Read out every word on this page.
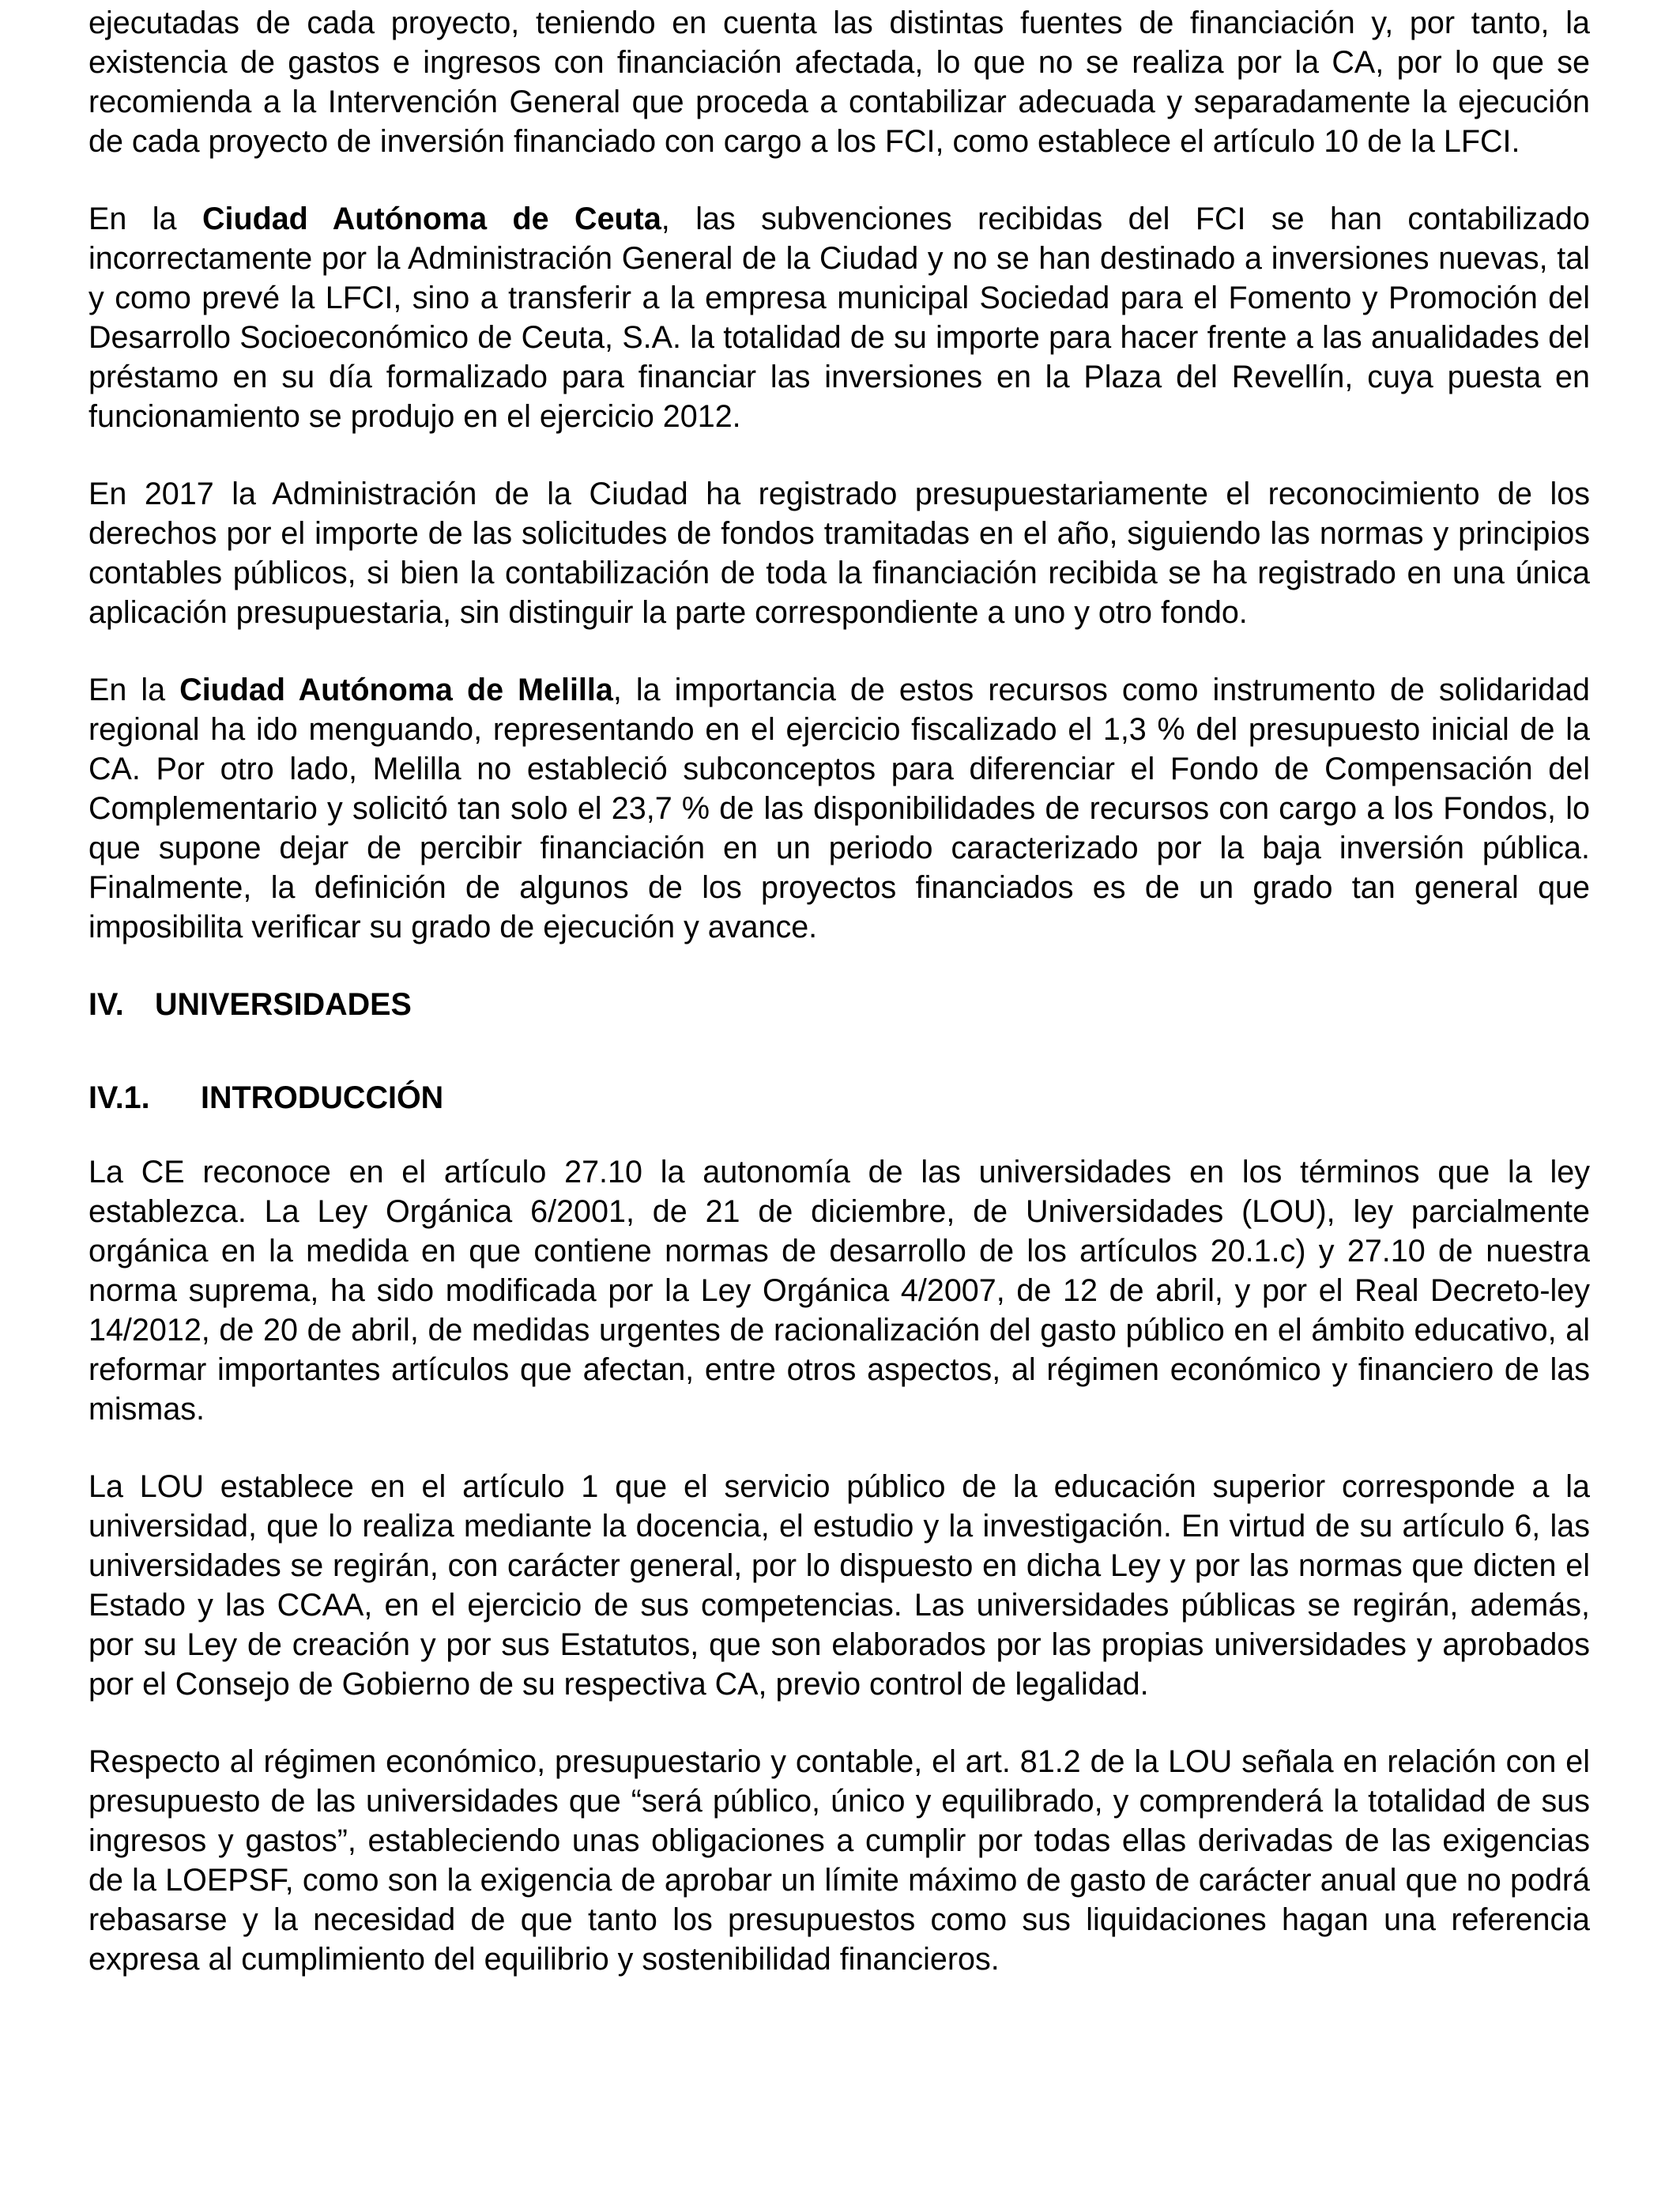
ejecutadas de cada proyecto, teniendo en cuenta las distintas fuentes de financiación y, por tanto, la existencia de gastos e ingresos con financiación afectada, lo que no se realiza por la CA, por lo que se recomienda a la Intervención General que proceda a contabilizar adecuada y separadamente la ejecución de cada proyecto de inversión financiado con cargo a los FCI, como establece el artículo 10 de la LFCI.

En la Ciudad Autónoma de Ceuta, las subvenciones recibidas del FCI se han contabilizado incorrectamente por la Administración General de la Ciudad y no se han destinado a inversiones nuevas, tal y como prevé la LFCI, sino a transferir a la empresa municipal Sociedad para el Fomento y Promoción del Desarrollo Socioeconómico de Ceuta, S.A. la totalidad de su importe para hacer frente a las anualidades del préstamo en su día formalizado para financiar las inversiones en la Plaza del Revellín, cuya puesta en funcionamiento se produjo en el ejercicio 2012.

En 2017 la Administración de la Ciudad ha registrado presupuestariamente el reconocimiento de los derechos por el importe de las solicitudes de fondos tramitadas en el año, siguiendo las normas y principios contables públicos, si bien la contabilización de toda la financiación recibida se ha registrado en una única aplicación presupuestaria, sin distinguir la parte correspondiente a uno y otro fondo.

En la Ciudad Autónoma de Melilla, la importancia de estos recursos como instrumento de solidaridad regional ha ido menguando, representando en el ejercicio fiscalizado el 1,3 % del presupuesto inicial de la CA. Por otro lado, Melilla no estableció subconceptos para diferenciar el Fondo de Compensación del Complementario y solicitó tan solo el 23,7 % de las disponibilidades de recursos con cargo a los Fondos, lo que supone dejar de percibir financiación en un periodo caracterizado por la baja inversión pública. Finalmente, la definición de algunos de los proyectos financiados es de un grado tan general que imposibilita verificar su grado de ejecución y avance.

IV. UNIVERSIDADES
IV.1. INTRODUCCIÓN

La CE reconoce en el artículo 27.10 la autonomía de las universidades en los términos que la ley establezca. La Ley Orgánica 6/2001, de 21 de diciembre, de Universidades (LOU), ley parcialmente orgánica en la medida en que contiene normas de desarrollo de los artículos 20.1.c) y 27.10 de nuestra norma suprema, ha sido modificada por la Ley Orgánica 4/2007, de 12 de abril, y por el Real Decreto-ley 14/2012, de 20 de abril, de medidas urgentes de racionalización del gasto público en el ámbito educativo, al reformar importantes artículos que afectan, entre otros aspectos, al régimen económico y financiero de las mismas.

La LOU establece en el artículo 1 que el servicio público de la educación superior corresponde a la universidad, que lo realiza mediante la docencia, el estudio y la investigación. En virtud de su artículo 6, las universidades se regirán, con carácter general, por lo dispuesto en dicha Ley y por las normas que dicten el Estado y las CCAA, en el ejercicio de sus competencias. Las universidades públicas se regirán, además, por su Ley de creación y por sus Estatutos, que son elaborados por las propias universidades y aprobados por el Consejo de Gobierno de su respectiva CA, previo control de legalidad.

Respecto al régimen económico, presupuestario y contable, el art. 81.2 de la LOU señala en relación con el presupuesto de las universidades que “será público, único y equilibrado, y comprenderá la totalidad de sus ingresos y gastos”, estableciendo unas obligaciones a cumplir por todas ellas derivadas de las exigencias de la LOEPSF, como son la exigencia de aprobar un límite máximo de gasto de carácter anual que no podrá rebasarse y la necesidad de que tanto los presupuestos como sus liquidaciones hagan una referencia expresa al cumplimiento del equilibrio y sostenibilidad financieros.
